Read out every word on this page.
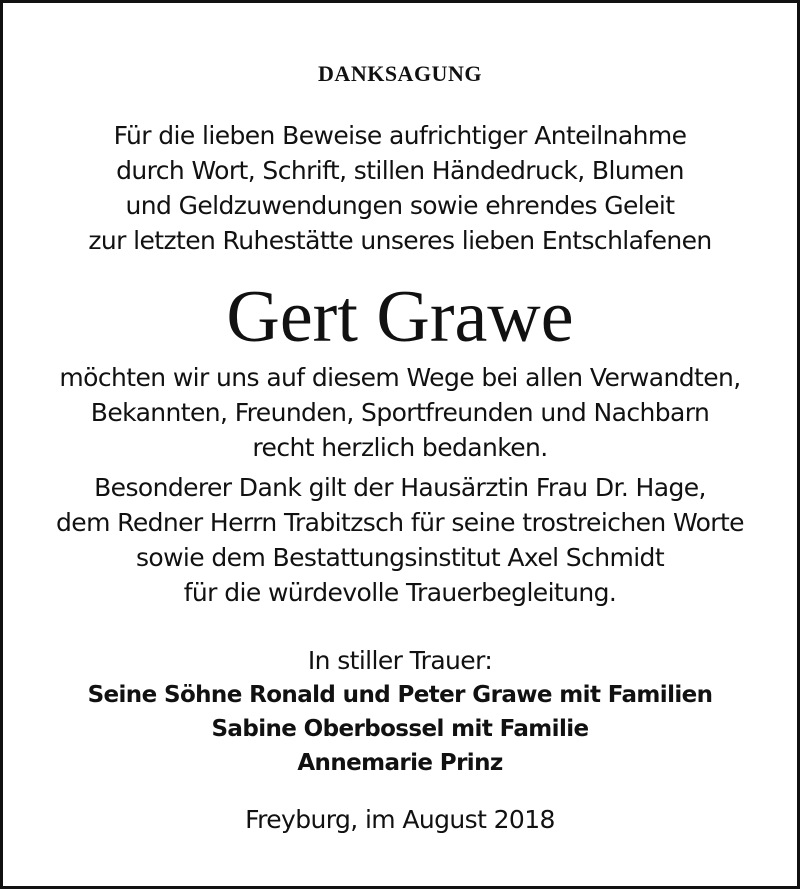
DANKSAGUNG
Für die lieben Beweise aufrichtiger Anteilnahme
durch Wort, Schrift, stillen Händedruck, Blumen
und Geldzuwendungen sowie ehrendes Geleit
zur letzten Ruhestätte unseres lieben Entschlafenen
Gert Grawe
möchten wir uns auf diesem Wege bei allen Verwandten,
Bekannten, Freunden, Sportfreunden und Nachbarn
recht herzlich bedanken.
Besonderer Dank gilt der Hausärztin Frau Dr. Hage,
dem Redner Herrn Trabitzsch für seine trostreichen Worte
sowie dem Bestattungsinstitut Axel Schmidt
für die würdevolle Trauerbegleitung.
In stiller Trauer:
Seine Söhne Ronald und Peter Grawe mit Familien
Sabine Oberbossel mit Familie
Annemarie Prinz
Freyburg, im August 2018
